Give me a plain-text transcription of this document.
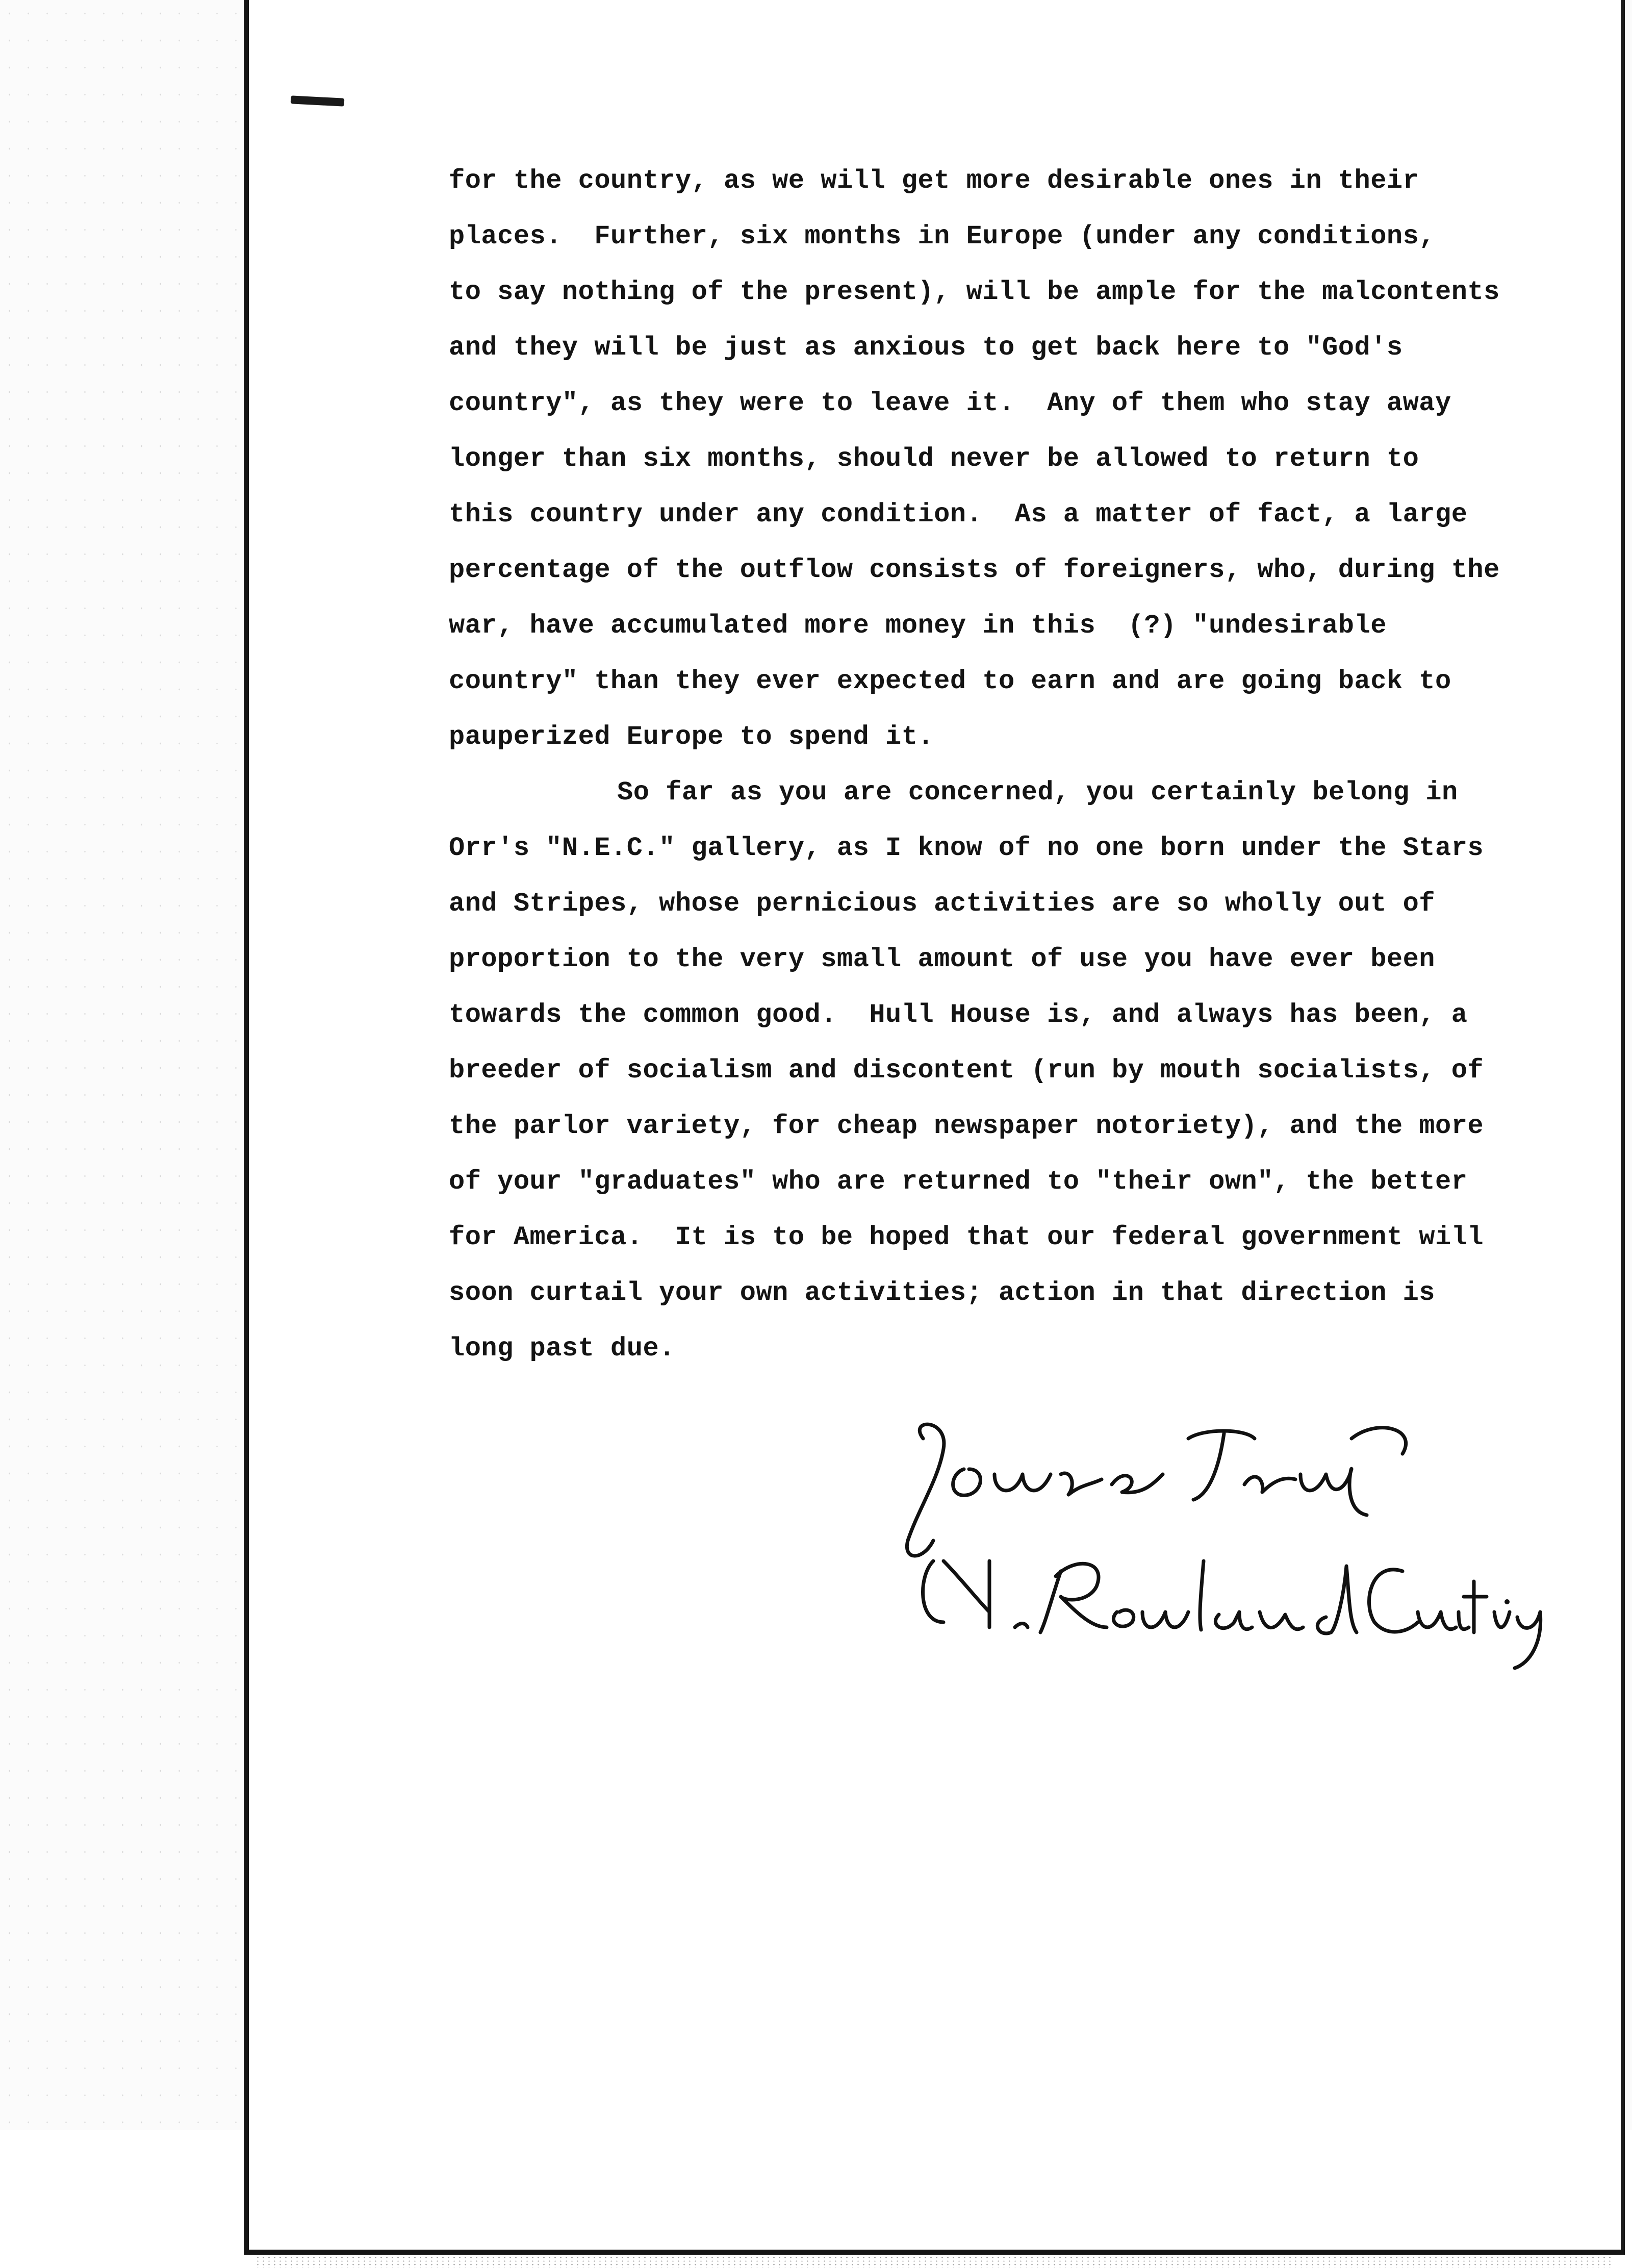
for the country, as we will get more desirable ones in their
places.  Further, six months in Europe (under any conditions,
to say nothing of the present), will be ample for the malcontents
and they will be just as anxious to get back here to "God's
country", as they were to leave it.  Any of them who stay away
longer than six months, should never be allowed to return to
this country under any condition.  As a matter of fact, a large
percentage of the outflow consists of foreigners, who, during the
war, have accumulated more money in this  (?) "undesirable
country" than they ever expected to earn and are going back to
pauperized Europe to spend it.
So far as you are concerned, you certainly belong in
Orr's "N.E.C." gallery, as I know of no one born under the Stars
and Stripes, whose pernicious activities are so wholly out of
proportion to the very small amount of use you have ever been
towards the common good.  Hull House is, and always has been, a
breeder of socialism and discontent (run by mouth socialists, of
the parlor variety, for cheap newspaper notoriety), and the more
of your "graduates" who are returned to "their own", the better
for America.  It is to be hoped that our federal government will
soon curtail your own activities; action in that direction is
long past due.
